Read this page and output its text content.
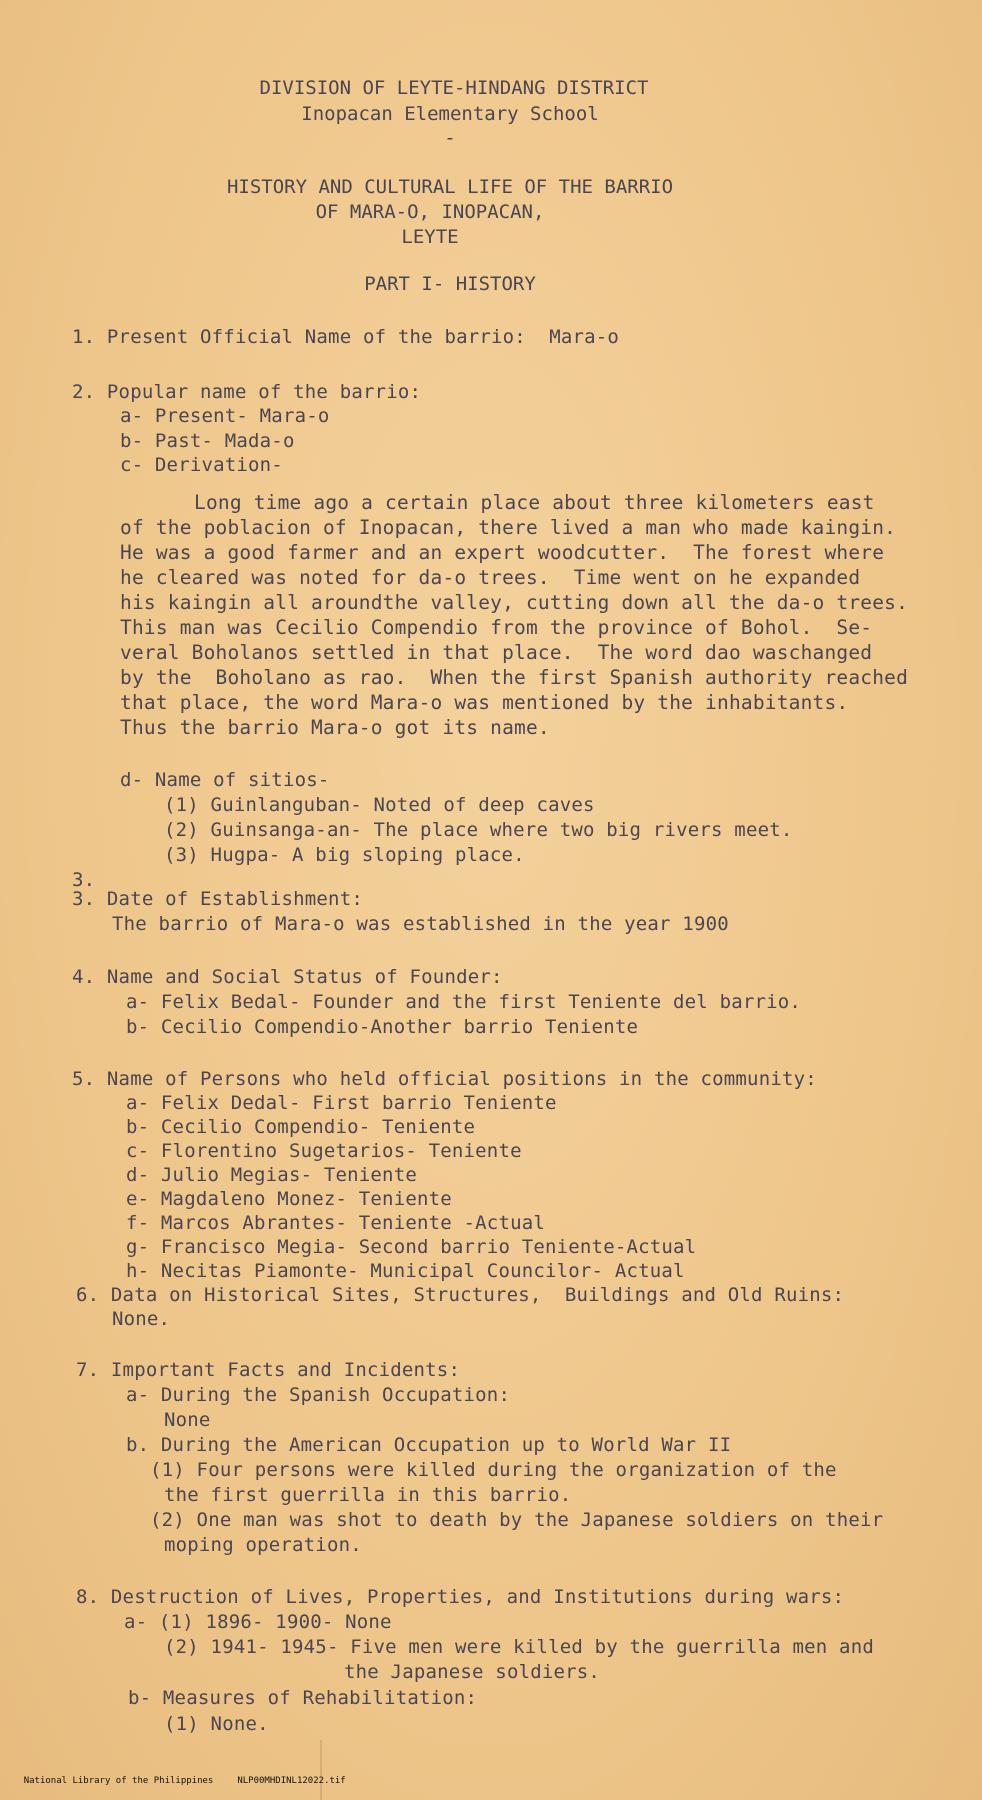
DIVISION OF LEYTE-HINDANG DISTRICT
Inopacan Elementary School
-
HISTORY AND CULTURAL LIFE OF THE BARRIO
OF MARA-O, INOPACAN,
LEYTE
PART I- HISTORY
1. Present Official Name of the barrio:  Mara-o
2. Popular name of the barrio:
a- Present- Mara-o
b- Past- Mada-o
c- Derivation-
Long time ago a certain place about three kilometers east
of the poblacion of Inopacan, there lived a man who made kaingin.
He was a good farmer and an expert woodcutter.  The forest where
he cleared was noted for da-o trees.  Time went on he expanded
his kaingin all aroundthe valley, cutting down all the da-o trees.
This man was Cecilio Compendio from the province of Bohol.  Se-
veral Boholanos settled in that place.  The word dao waschanged
by the  Boholano as rao.  When the first Spanish authority reached
that place, the word Mara-o was mentioned by the inhabitants.
Thus the barrio Mara-o got its name.
d- Name of sitios-
(1) Guinlanguban- Noted of deep caves
(2) Guinsanga-an- The place where two big rivers meet.
(3) Hugpa- A big sloping place.
3.
3. Date of Establishment:
The barrio of Mara-o was established in the year 1900
4. Name and Social Status of Founder:
a- Felix Bedal- Founder and the first Teniente del barrio.
b- Cecilio Compendio-Another barrio Teniente
5. Name of Persons who held official positions in the community:
a- Felix Dedal- First barrio Teniente
b- Cecilio Compendio- Teniente
c- Florentino Sugetarios- Teniente
d- Julio Megias- Teniente
e- Magdaleno Monez- Teniente
f- Marcos Abrantes- Teniente -Actual
g- Francisco Megia- Second barrio Teniente-Actual
h- Necitas Piamonte- Municipal Councilor- Actual
6. Data on Historical Sites, Structures,  Buildings and Old Ruins:
None.
7. Important Facts and Incidents:
a- During the Spanish Occupation:
None
b. During the American Occupation up to World War II
(1) Four persons were killed during the organization of the
the first guerrilla in this barrio.
(2) One man was shot to death by the Japanese soldiers on their
moping operation.
8. Destruction of Lives, Properties, and Institutions during wars:
a- (1) 1896- 1900- None
(2) 1941- 1945- Five men were killed by the guerrilla men and
the Japanese soldiers.
b- Measures of Rehabilitation:
(1) None.

National Library of the Philippines	NLP00MHDINL12022.tif
